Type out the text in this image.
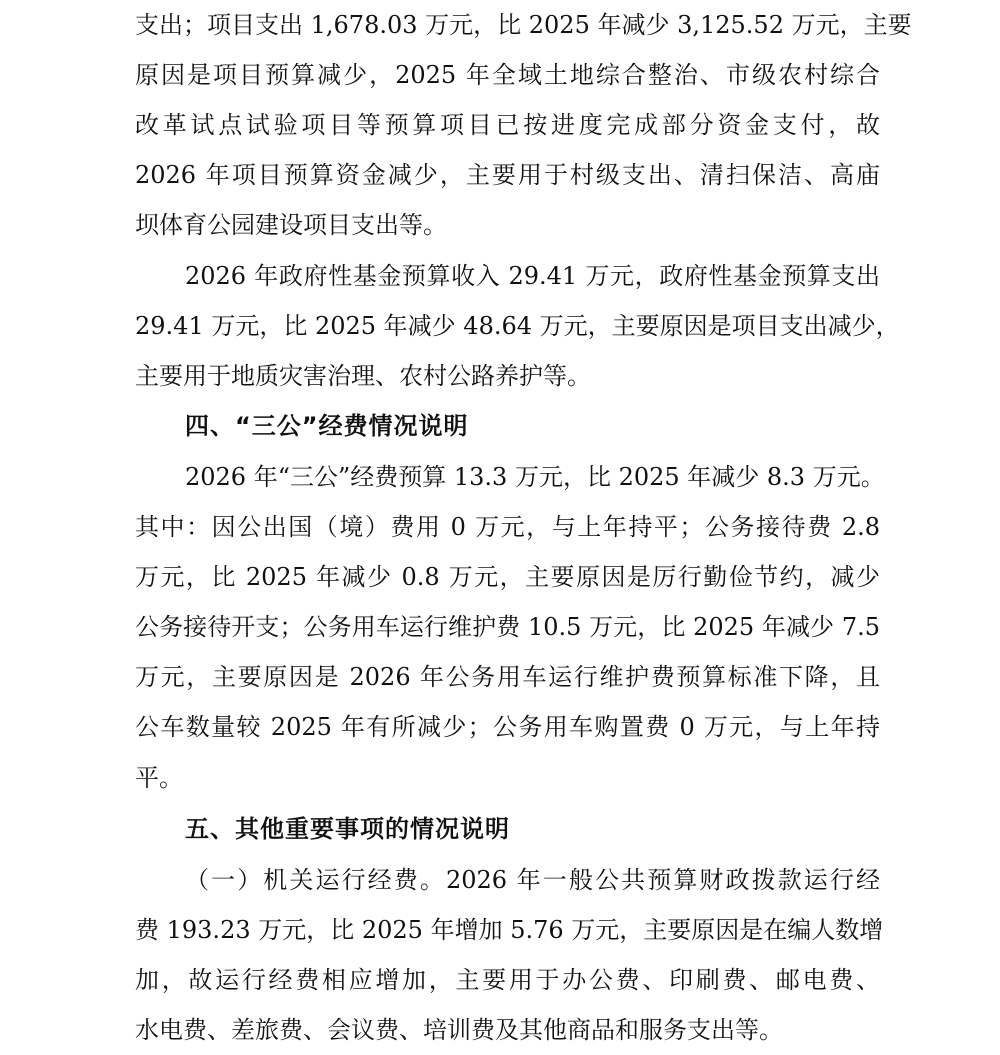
支出；项目支出 1,678.03 万元，比 2025 年减少 3,125.52 万元，主要
原因是项目预算减少，2025 年全域土地综合整治、市级农村综合
改革试点试验项目等预算项目已按进度完成部分资金支付，故
2026 年项目预算资金减少，主要用于村级支出、清扫保洁、高庙
坝体育公园建设项目支出等。
2026 年政府性基金预算收入 29.41 万元，政府性基金预算支出
29.41 万元，比 2025 年减少 48.64 万元，主要原因是项目支出减少，
主要用于地质灾害治理、农村公路养护等。
四、“三公”经费情况说明
2026 年“三公”经费预算 13.3 万元，比 2025 年减少 8.3 万元。
其中：因公出国（境）费用 0 万元，与上年持平；公务接待费 2.8
万元，比 2025 年减少 0.8 万元，主要原因是厉行勤俭节约，减少
公务接待开支；公务用车运行维护费 10.5 万元，比 2025 年减少 7.5
万元，主要原因是 2026 年公务用车运行维护费预算标准下降，且
公车数量较 2025 年有所减少；公务用车购置费 0 万元，与上年持
平。
五、其他重要事项的情况说明
（一）机关运行经费。2026 年一般公共预算财政拨款运行经
费 193.23 万元，比 2025 年增加 5.76 万元，主要原因是在编人数增
加，故运行经费相应增加，主要用于办公费、印刷费、邮电费、
水电费、差旅费、会议费、培训费及其他商品和服务支出等。
